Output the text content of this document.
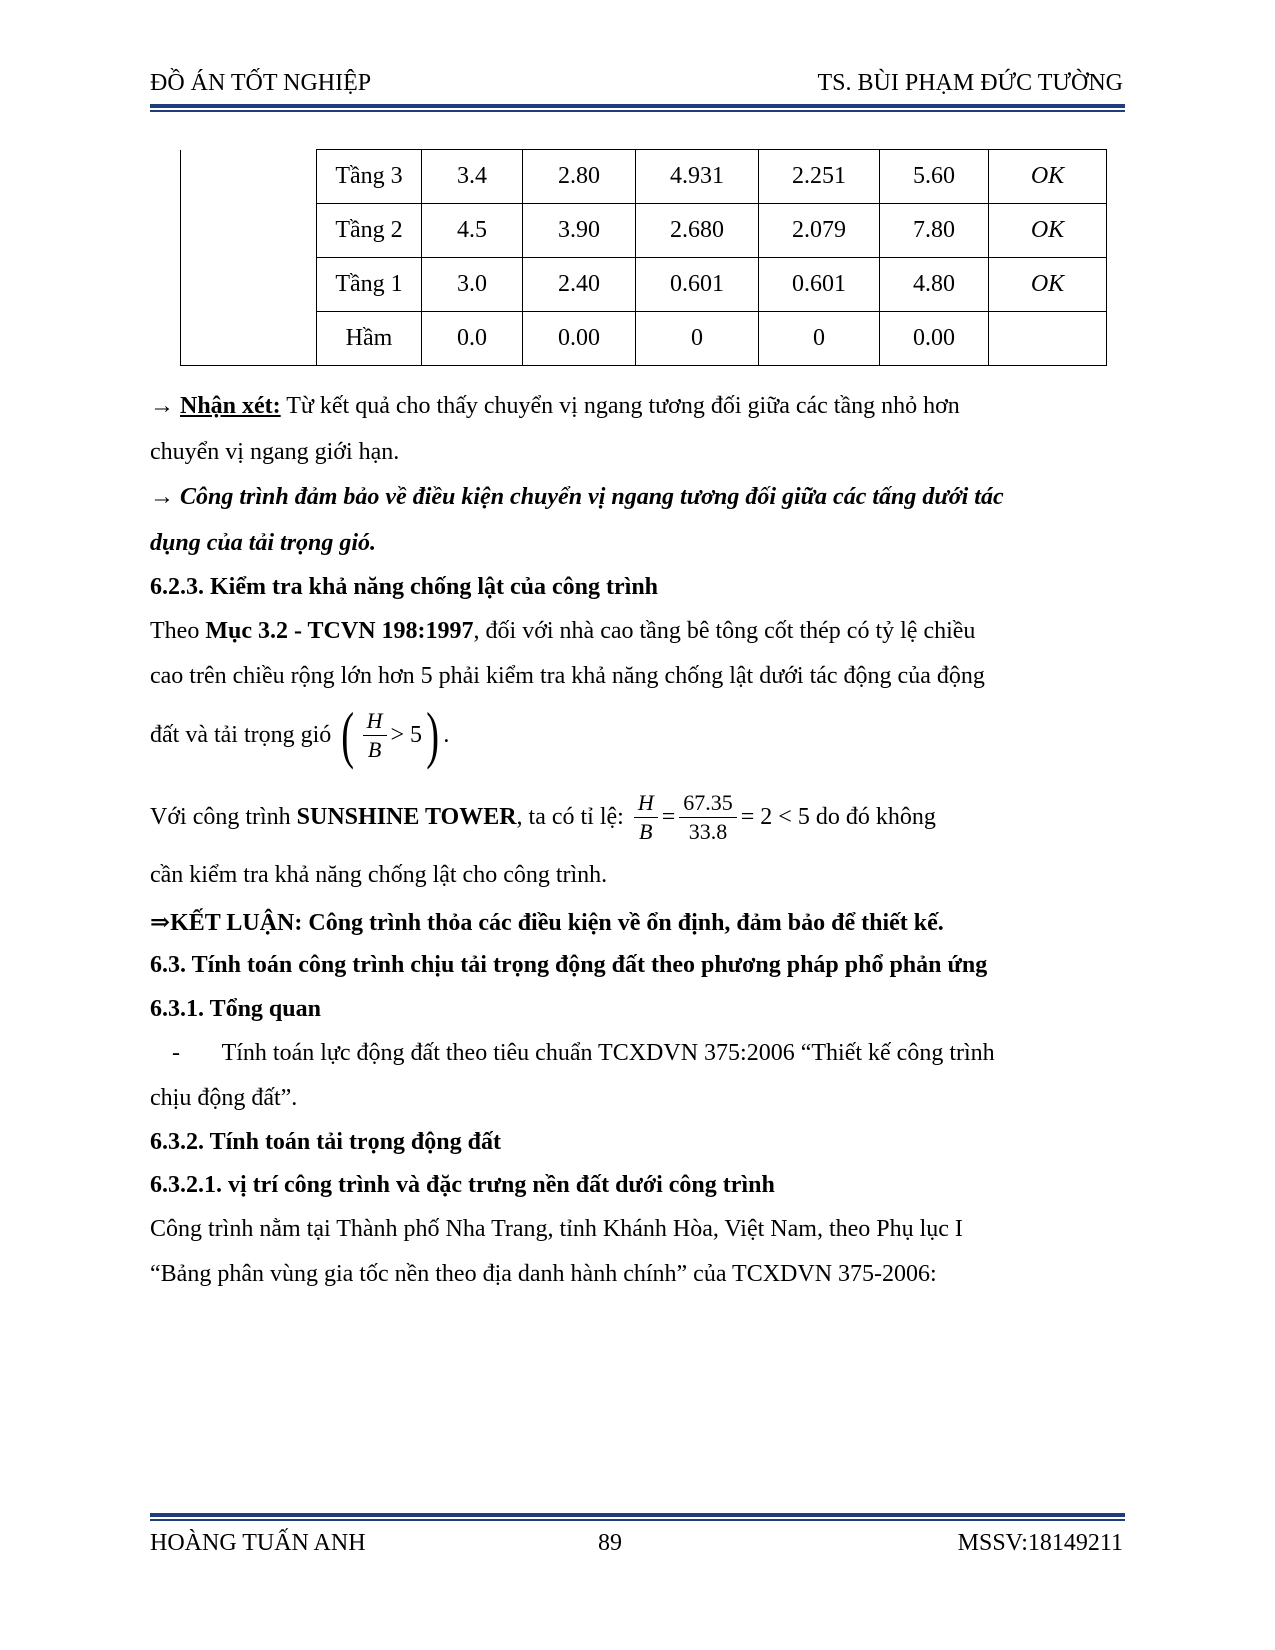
ĐỒ ÁN TỐT NGHIỆP	TS. BÙI PHẠM ĐỨC TƯỜNG
	Tầng 3	3.4	2.80	4.931	2.251	5.60	OK
	Tầng 2	4.5	3.90	2.680	2.079	7.80	OK
	Tầng 1	3.0	2.40	0.601	0.601	4.80	OK
	Hầm	0.0	0.00	0	0	0.00	
→ Nhận xét: Từ kết quả cho thấy chuyển vị ngang tương đối giữa các tầng nhỏ hơn
chuyển vị ngang giới hạn.
→ Công trình đảm bảo về điều kiện chuyển vị ngang tương đối giữa các tấng dưới tác
dụng của tải trọng gió.
6.2.3. Kiểm tra khả năng chống lật của công trình
Theo Mục 3.2 - TCVN 198:1997, đối với nhà cao tầng bê tông cốt thép có tỷ lệ chiều
cao trên chiều rộng lớn hơn 5 phải kiểm tra khả năng chống lật dưới tác động của động
đất và tải trọng gió ( $\frac{H}{B} > 5$ ) .
Với công trình SUNSHINE TOWER , ta có tỉ lệ: $\frac{H}{B} = \frac{67.35}{33.8} = 2 < 5$ do đó không
cần kiểm tra khả năng chống lật cho công trình.
⇒KẾT LUẬN: Công trình thỏa các điều kiện về ổn định, đảm bảo để thiết kế.
6.3. Tính toán công trình chịu tải trọng động đất theo phương pháp phổ phản ứng
6.3.1. Tổng quan
- Tính toán lực động đất theo tiêu chuẩn TCXDVN 375:2006 “Thiết kế công trình
chịu động đất”.
6.3.2. Tính toán tải trọng động đất
6.3.2.1. vị trí công trình và đặc trưng nền đất dưới công trình
Công trình nằm tại Thành phố Nha Trang, tỉnh Khánh Hòa, Việt Nam, theo Phụ lục I
“Bảng phân vùng gia tốc nền theo địa danh hành chính” của TCXDVN 375-2006:
HOÀNG TUẤN ANH	89	MSSV:18149211
